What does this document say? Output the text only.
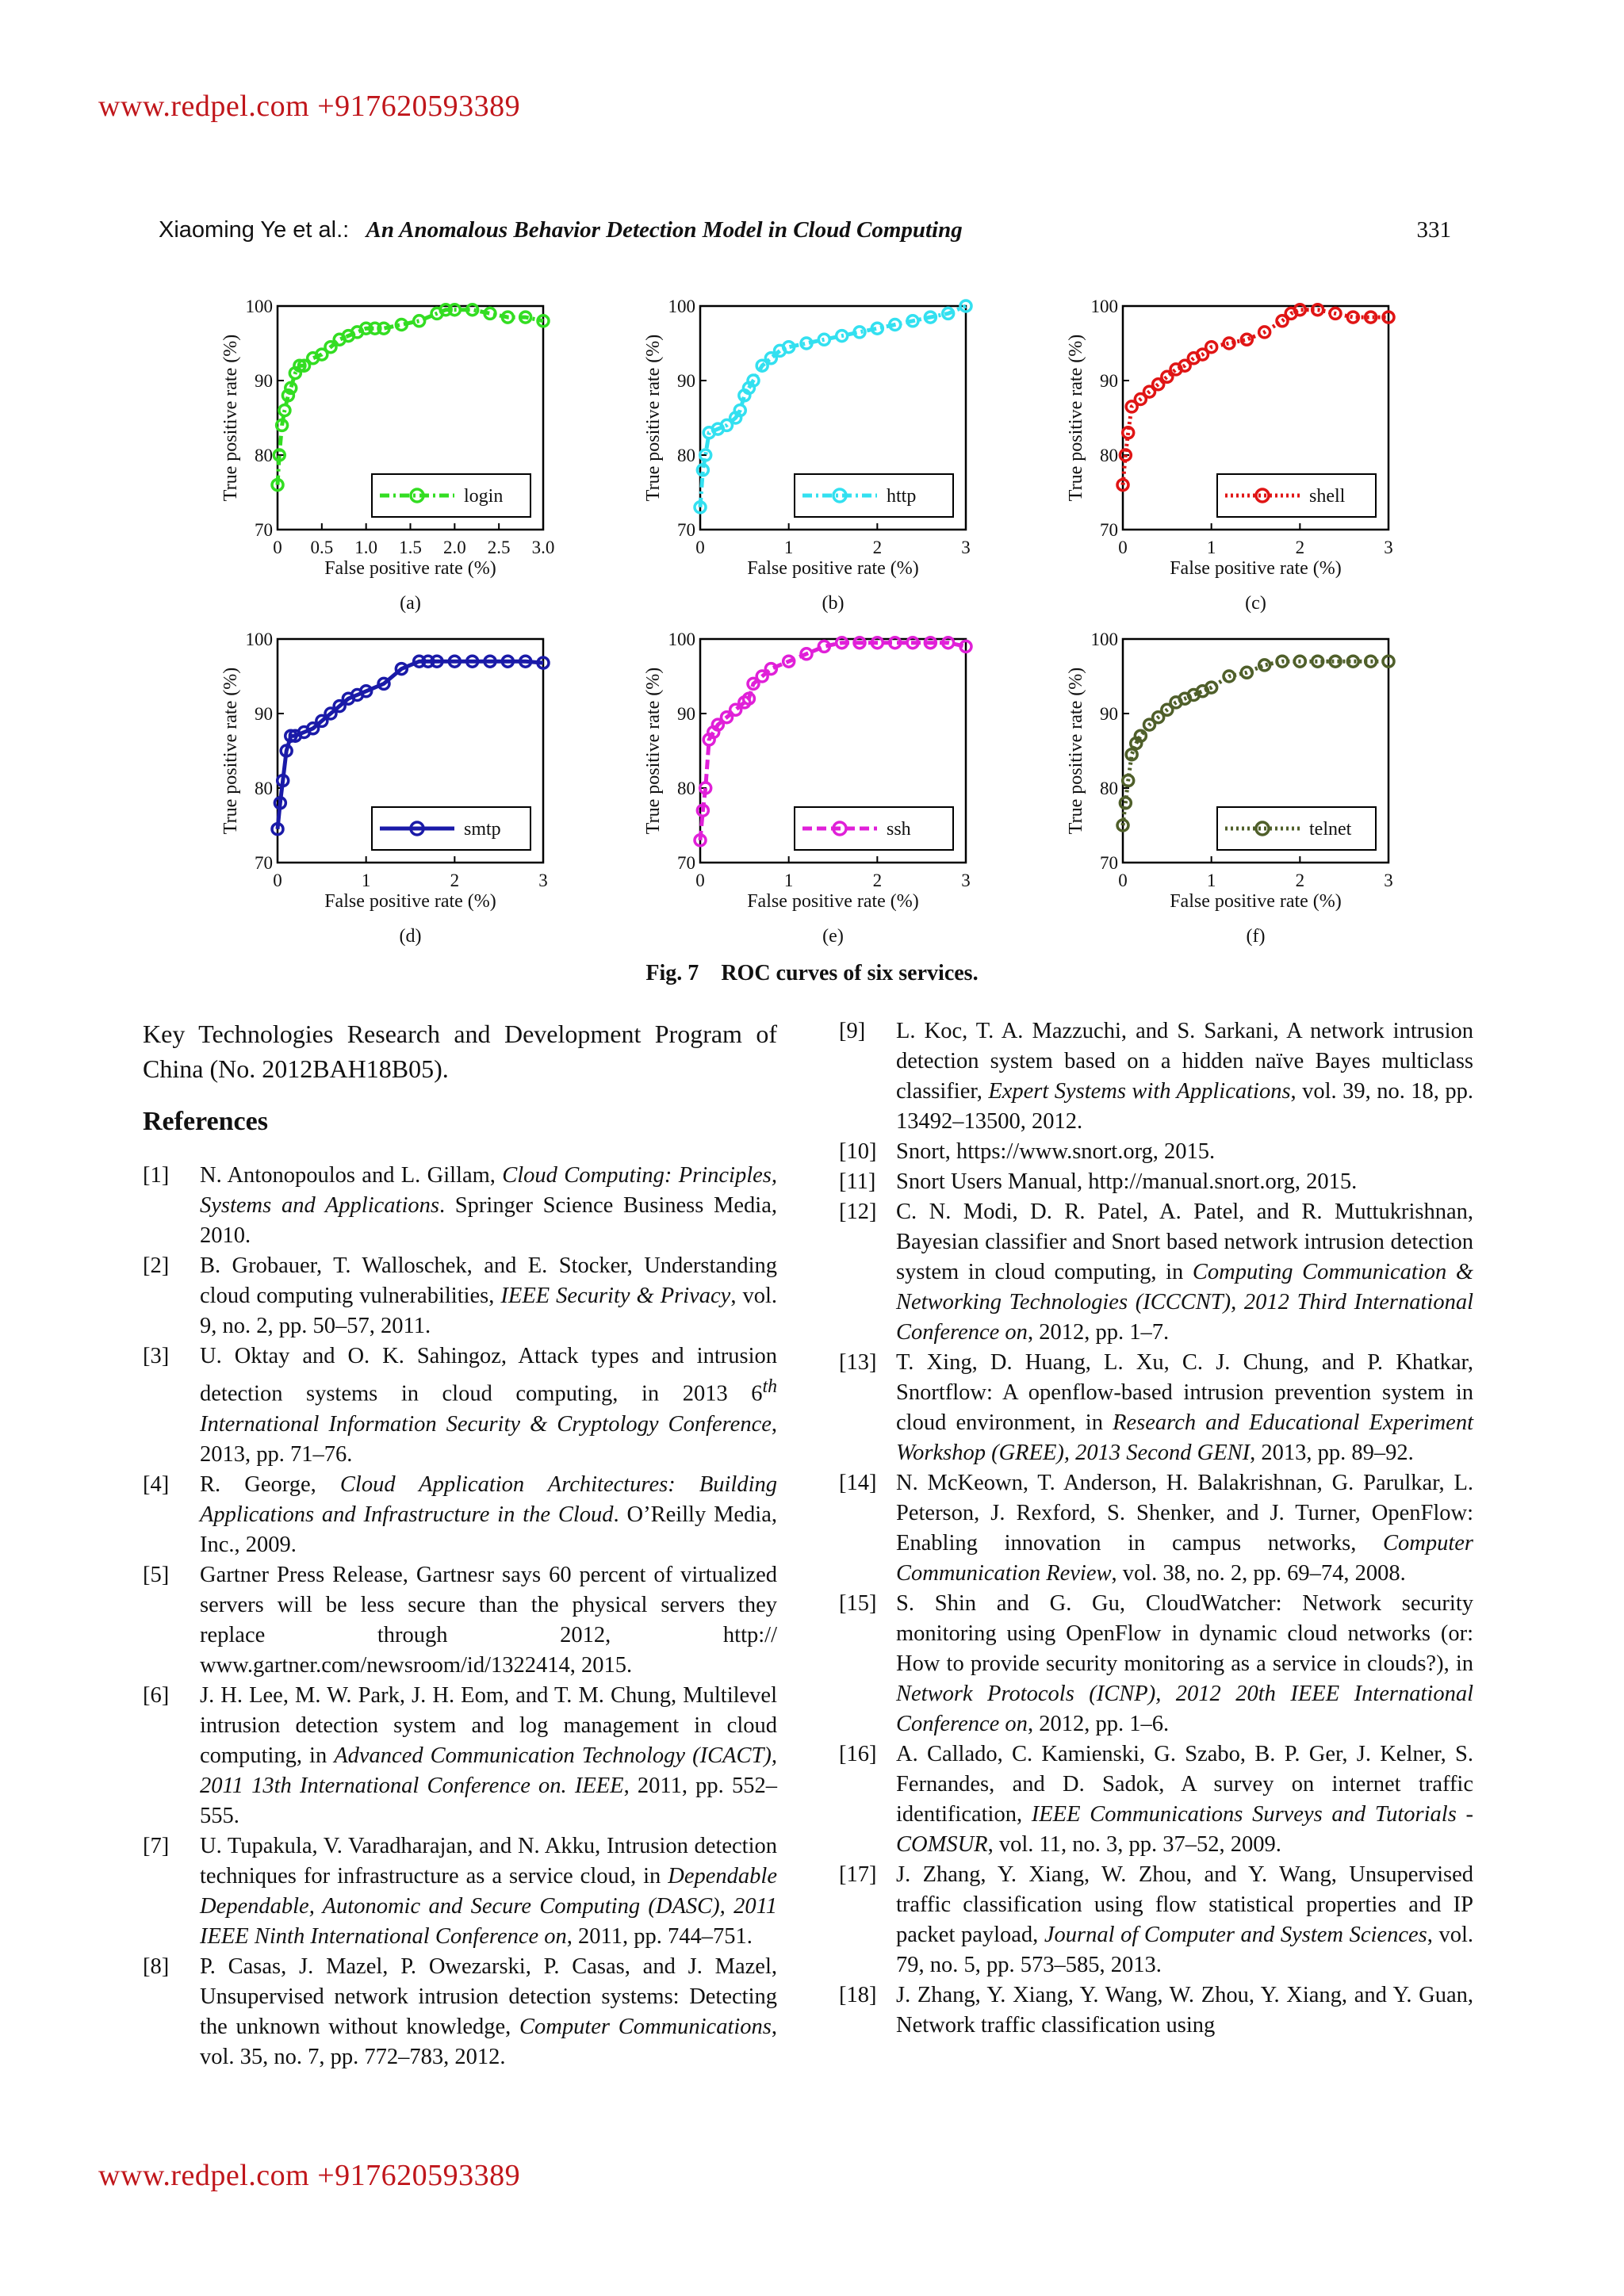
www.redpel.com +917620593389
Xiaoming Ye et al.: An Anomalous Behavior Detection Model in Cloud Computing	331
0 0.5 1.0 1.5 2.0 2.5 3.0
70
80
90
100
False positive rate (%)
True positive rate (%)
(a)
login
0	1	2	3
70
80
90
100
False positive rate (%)
True positive rate (%)
(b)
http
0	1	2	3
70
80
90
100
False positive rate (%)
True positive rate (%)
(c)
shell
0	1	2	3
70
80
90
100
False positive rate (%)
True positive rate (%)
(d)
smtp
0	1	2	3
70
80
90
100
False positive rate (%)
True positive rate (%)
(e)
ssh
0	1	2	3
70
80
90
100
False positive rate (%)
True positive rate (%)
(f)
telnet
Fig. 7 ROC curves of six services.

Key Technologies Research and Development Program of China (No. 2012BAH18B05).

References
[1]	N. Antonopoulos and L. Gillam, Cloud Computing: Principles, Systems and Applications. Springer Science Business Media, 2010.
[2]	B. Grobauer, T. Walloschek, and E. Stocker, Understanding cloud computing vulnerabilities, IEEE Security & Privacy, vol. 9, no. 2, pp. 50–57, 2011.
[3]	U. Oktay and O. K. Sahingoz, Attack types and intrusion detection systems in cloud computing, in 2013 6th International Information Security & Cryptology Conference, 2013, pp. 71–76.
[4]	R. George, Cloud Application Architectures: Building Applications and Infrastructure in the Cloud. O’Reilly Media, Inc., 2009.
[5]	Gartner Press Release, Gartnesr says 60 percent of virtualized servers will be less secure than the physical servers they replace through 2012, http:// www.gartner.com/newsroom/id/1322414, 2015.
[6]	J. H. Lee, M. W. Park, J. H. Eom, and T. M. Chung, Multilevel intrusion detection system and log management in cloud computing, in Advanced Communication Technology (ICACT), 2011 13th International Conference on. IEEE, 2011, pp. 552–555.
[7]	U. Tupakula, V. Varadharajan, and N. Akku, Intrusion detection techniques for infrastructure as a service cloud, in Dependable Dependable, Autonomic and Secure Computing (DASC), 2011 IEEE Ninth International Conference on, 2011, pp. 744–751.
[8]	P. Casas, J. Mazel, P. Owezarski, P. Casas, and J. Mazel, Unsupervised network intrusion detection systems: Detecting the unknown without knowledge, Computer Communications, vol. 35, no. 7, pp. 772–783, 2012.
[9]	L. Koc, T. A. Mazzuchi, and S. Sarkani, A network intrusion detection system based on a hidden naïve Bayes multiclass classifier, Expert Systems with Applications, vol. 39, no. 18, pp. 13492–13500, 2012.
[10] Snort, https://www.snort.org, 2015.
[11] Snort Users Manual, http://manual.snort.org, 2015.
[12] C. N. Modi, D. R. Patel, A. Patel, and R. Muttukrishnan, Bayesian classifier and Snort based network intrusion detection system in cloud computing, in Computing Communication & Networking Technologies (ICCCNT), 2012 Third International Conference on, 2012, pp. 1–7.
[13] T. Xing, D. Huang, L. Xu, C. J. Chung, and P. Khatkar, Snortflow: A openflow-based intrusion prevention system in cloud environment, in Research and Educational Experiment Workshop (GREE), 2013 Second GENI, 2013, pp. 89–92.
[14] N. McKeown, T. Anderson, H. Balakrishnan, G. Parulkar, L. Peterson, J. Rexford, S. Shenker, and J. Turner, OpenFlow: Enabling innovation in campus networks, Computer Communication Review, vol. 38, no. 2, pp. 69–74, 2008.
[15] S. Shin and G. Gu, CloudWatcher: Network security monitoring using OpenFlow in dynamic cloud networks (or: How to provide security monitoring as a service in clouds?), in Network Protocols (ICNP), 2012 20th IEEE International Conference on, 2012, pp. 1–6.
[16] A. Callado, C. Kamienski, G. Szabo, B. P. Ger, J. Kelner, S. Fernandes, and D. Sadok, A survey on internet traffic identification, IEEE Communications Surveys and Tutorials - COMSUR, vol. 11, no. 3, pp. 37–52, 2009.
[17] J. Zhang, Y. Xiang, W. Zhou, and Y. Wang, Unsupervised traffic classification using flow statistical properties and IP packet payload, Journal of Computer and System Sciences, vol. 79, no. 5, pp. 573–585, 2013.
[18] J. Zhang, Y. Xiang, Y. Wang, W. Zhou, Y. Xiang, and Y. Guan, Network traffic classification using
www.redpel.com +917620593389
